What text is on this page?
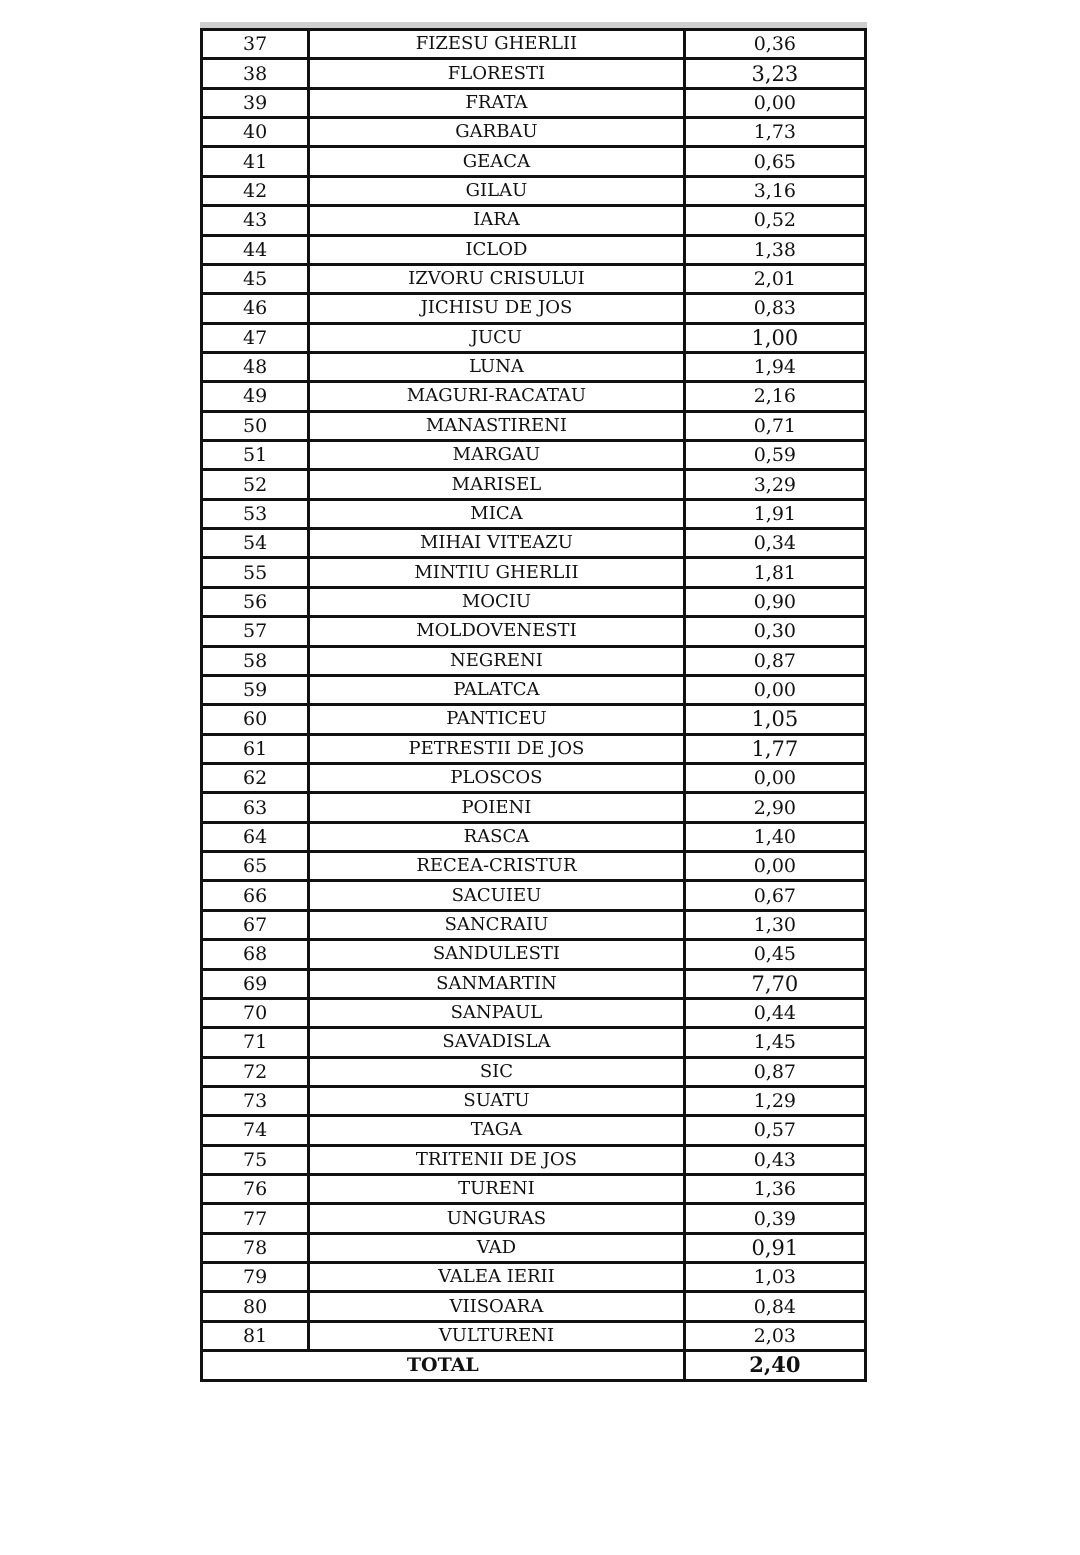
37	FIZESU GHERLII	0,36
38	FLORESTI	3,23
39	FRATA	0,00
40	GARBAU	1,73
41	GEACA	0,65
42	GILAU	3,16
43	IARA	0,52
44	ICLOD	1,38
45	IZVORU CRISULUI	2,01
46	JICHISU DE JOS	0,83
47	JUCU	1,00
48	LUNA	1,94
49	MAGURI-RACATAU	2,16
50	MANASTIRENI	0,71
51	MARGAU	0,59
52	MARISEL	3,29
53	MICA	1,91
54	MIHAI VITEAZU	0,34
55	MINTIU GHERLII	1,81
56	MOCIU	0,90
57	MOLDOVENESTI	0,30
58	NEGRENI	0,87
59	PALATCA	0,00
60	PANTICEU	1,05
61	PETRESTII DE JOS	1,77
62	PLOSCOS	0,00
63	POIENI	2,90
64	RASCA	1,40
65	RECEA-CRISTUR	0,00
66	SACUIEU	0,67
67	SANCRAIU	1,30
68	SANDULESTI	0,45
69	SANMARTIN	7,70
70	SANPAUL	0,44
71	SAVADISLA	1,45
72	SIC	0,87
73	SUATU	1,29
74	TAGA	0,57
75	TRITENII DE JOS	0,43
76	TURENI	1,36
77	UNGURAS	0,39
78	VAD	0,91
79	VALEA IERII	1,03
80	VIISOARA	0,84
81	VULTURENI	2,03
TOTAL		2,40
